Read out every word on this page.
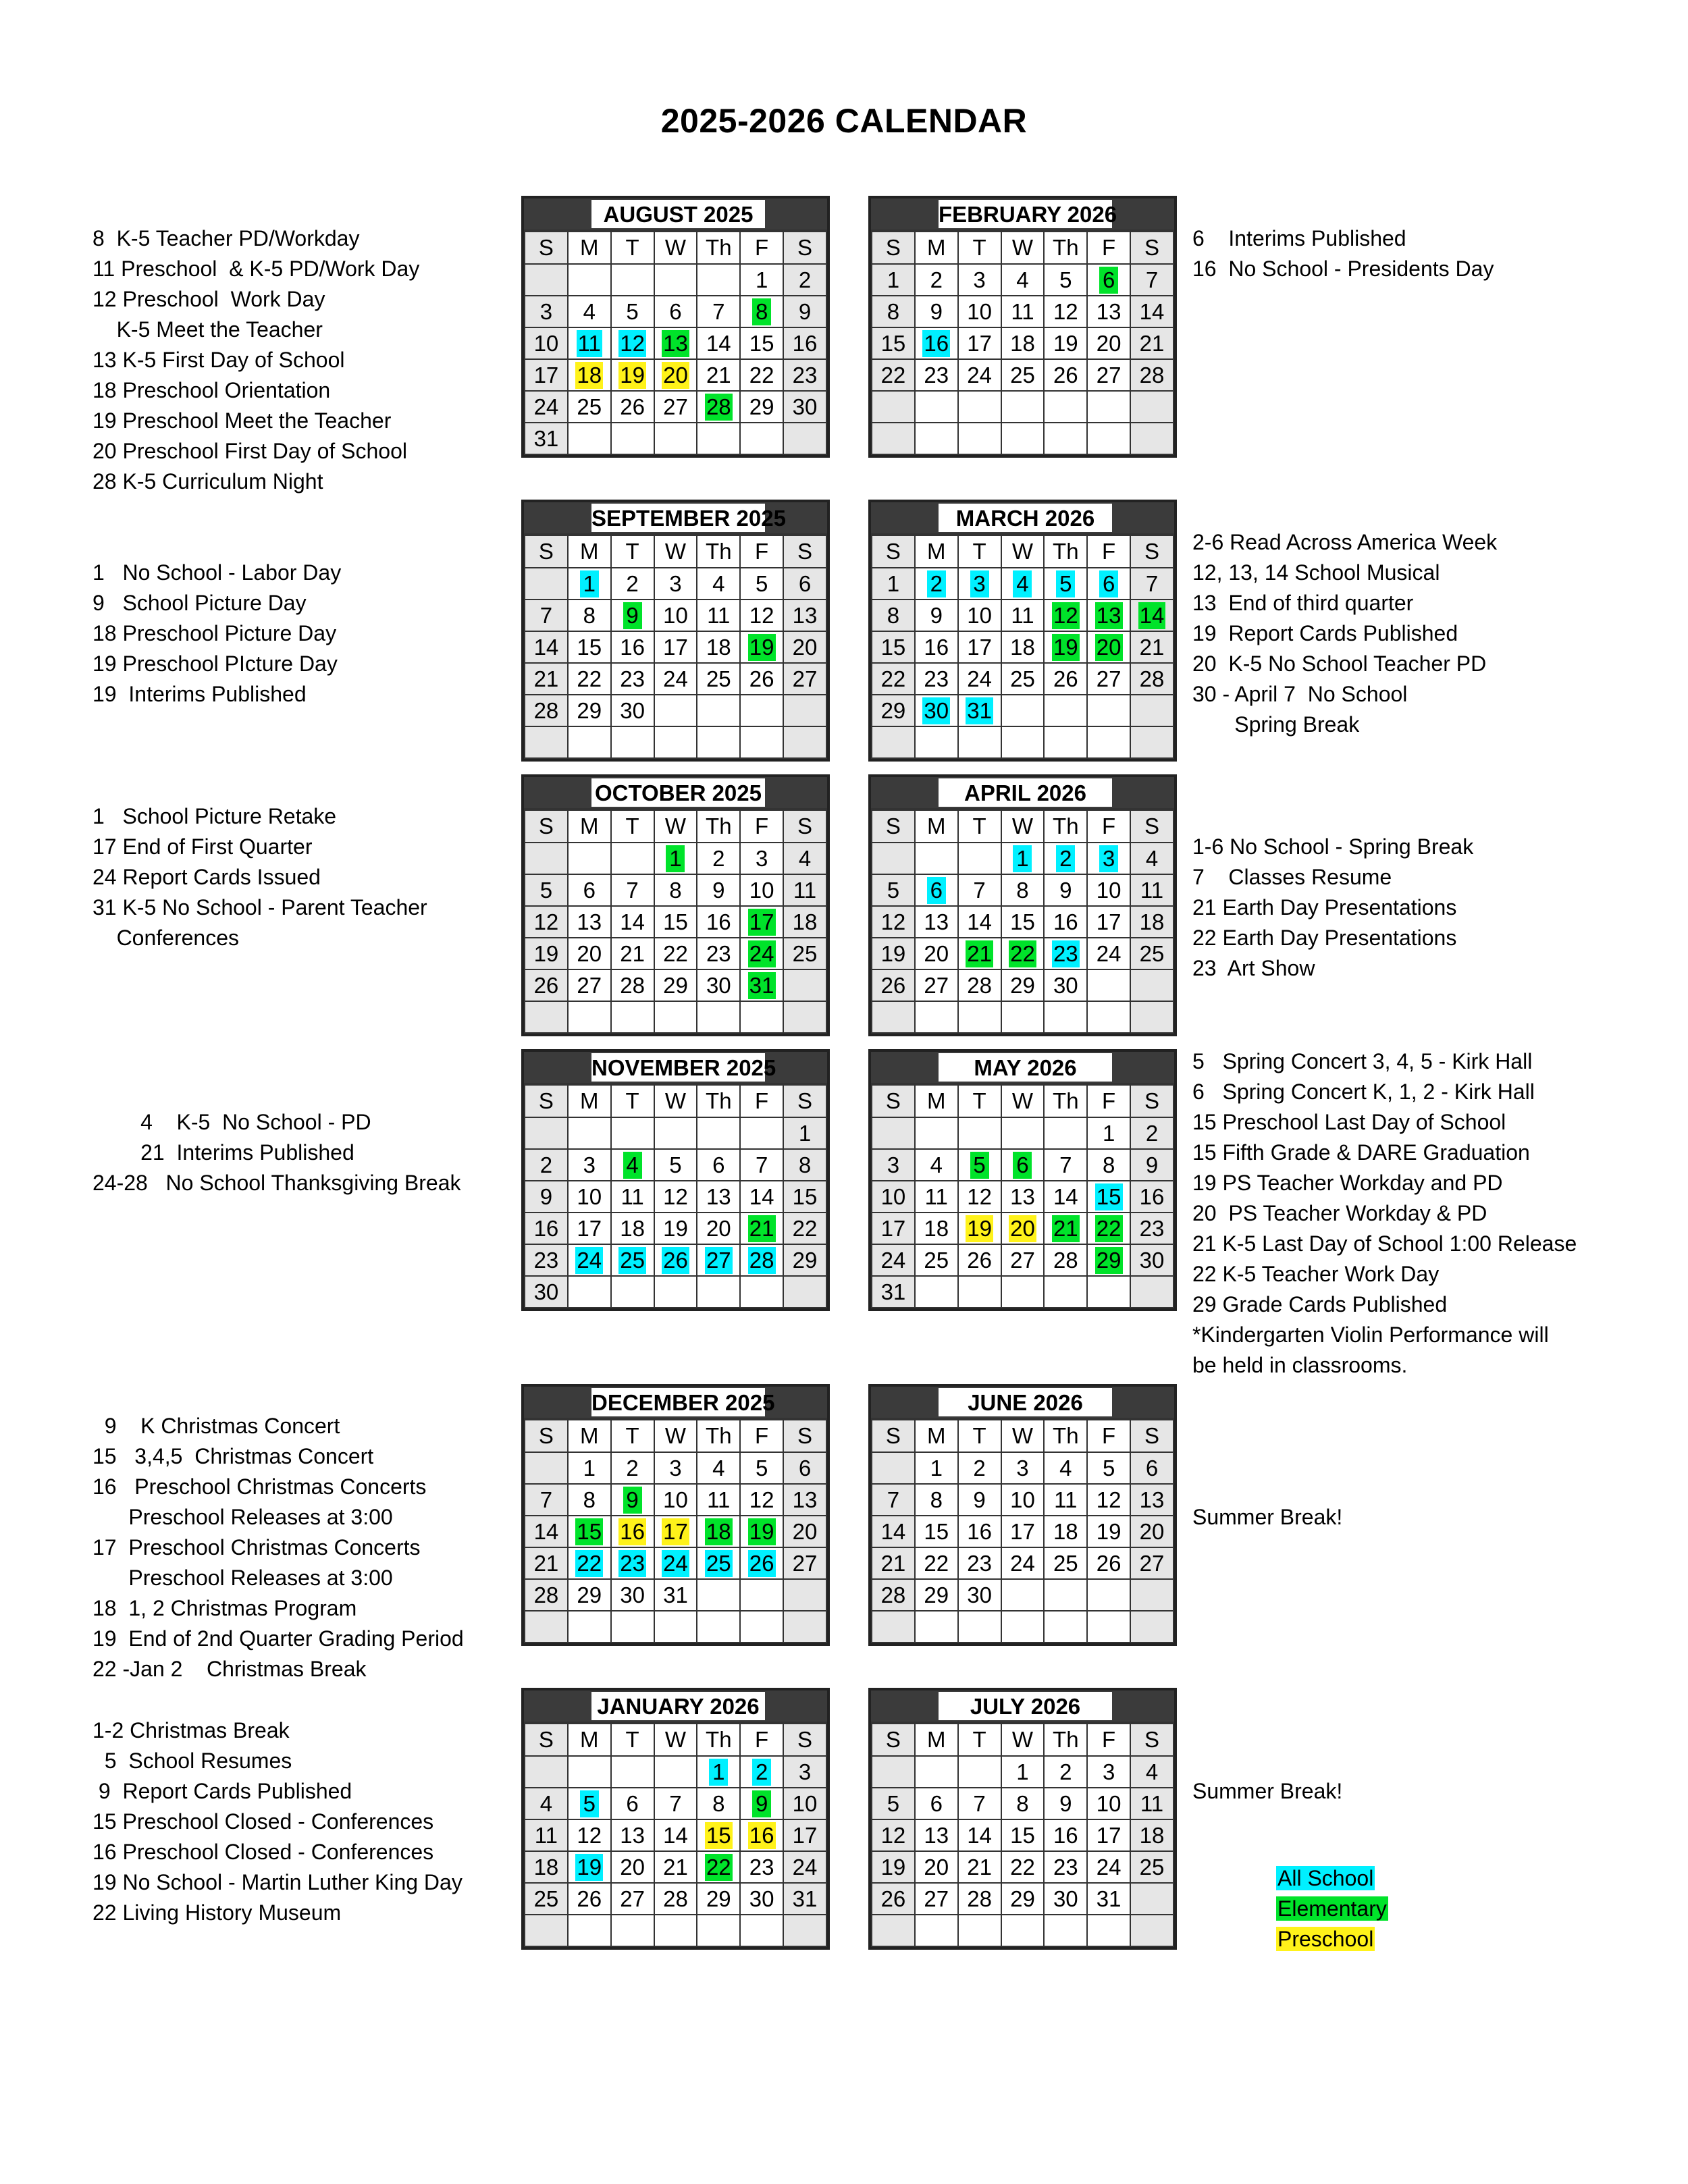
2025-2026 CALENDAR
AUGUST 2025
S	M	T	W	Th	F	S
					1	2
3	4	5	6	7	8	9
10	11	12	13	14	15	16
17	18	19	20	21	22	23
24	25	26	27	28	29	30
31						
SEPTEMBER 2025
S	M	T	W	Th	F	S
	1	2	3	4	5	6
7	8	9	10	11	12	13
14	15	16	17	18	19	20
21	22	23	24	25	26	27
28	29	30				

OCTOBER 2025
S	M	T	W	Th	F	S
			1	2	3	4
5	6	7	8	9	10	11
12	13	14	15	16	17	18
19	20	21	22	23	24	25
26	27	28	29	30	31	

NOVEMBER 2025
S	M	T	W	Th	F	S
						1
2	3	4	5	6	7	8
9	10	11	12	13	14	15
16	17	18	19	20	21	22
23	24	25	26	27	28	29
30						
DECEMBER 2025
S	M	T	W	Th	F	S
	1	2	3	4	5	6
7	8	9	10	11	12	13
14	15	16	17	18	19	20
21	22	23	24	25	26	27
28	29	30	31			

JANUARY 2026
S	M	T	W	Th	F	S
				1	2	3
4	5	6	7	8	9	10
11	12	13	14	15	16	17
18	19	20	21	22	23	24
25	26	27	28	29	30	31

FEBRUARY 2026
S	M	T	W	Th	F	S
1	2	3	4	5	6	7
8	9	10	11	12	13	14
15	16	17	18	19	20	21
22	23	24	25	26	27	28

MARCH 2026
S	M	T	W	Th	F	S
1	2	3	4	5	6	7
8	9	10	11	12	13	14
15	16	17	18	19	20	21
22	23	24	25	26	27	28
29	30	31				

APRIL 2026
S	M	T	W	Th	F	S
			1	2	3	4
5	6	7	8	9	10	11
12	13	14	15	16	17	18
19	20	21	22	23	24	25
26	27	28	29	30		

MAY 2026
S	M	T	W	Th	F	S
					1	2
3	4	5	6	7	8	9
10	11	12	13	14	15	16
17	18	19	20	21	22	23
24	25	26	27	28	29	30
31						
JUNE 2026
S	M	T	W	Th	F	S
	1	2	3	4	5	6
7	8	9	10	11	12	13
14	15	16	17	18	19	20
21	22	23	24	25	26	27
28	29	30				

JULY 2026
S	M	T	W	Th	F	S
			1	2	3	4
5	6	7	8	9	10	11
12	13	14	15	16	17	18
19	20	21	22	23	24	25
26	27	28	29	30	31	

8  K-5 Teacher PD/Workday
11 Preschool  & K-5 PD/Work Day
12 Preschool  Work Day
K-5 Meet the Teacher
13 K-5 First Day of School
18 Preschool Orientation
19 Preschool Meet the Teacher
20 Preschool First Day of School
28 K-5 Curriculum Night
1   No School - Labor Day
9   School Picture Day
18 Preschool Picture Day
19 Preschool PIcture Day
19  Interims Published
1   School Picture Retake
17 End of First Quarter
24 Report Cards Issued
31 K-5 No School - Parent Teacher
Conferences
4    K-5  No School - PD
21  Interims Published
24-28   No School Thanksgiving Break
9    K Christmas Concert
15   3,4,5  Christmas Concert
16   Preschool Christmas Concerts
Preschool Releases at 3:00
17  Preschool Christmas Concerts
Preschool Releases at 3:00
18  1, 2 Christmas Program
19  End of 2nd Quarter Grading Period
22 -Jan 2    Christmas Break
1-2 Christmas Break
5  School Resumes
9  Report Cards Published
15 Preschool Closed - Conferences
16 Preschool Closed - Conferences
19 No School - Martin Luther King Day
22 Living History Museum
6    Interims Published
16  No School - Presidents Day
2-6 Read Across America Week
12, 13, 14 School Musical
13  End of third quarter
19  Report Cards Published
20  K-5 No School Teacher PD
30 - April 7  No School
Spring Break
1-6 No School - Spring Break
7    Classes Resume
21 Earth Day Presentations
22 Earth Day Presentations
23  Art Show
5   Spring Concert 3, 4, 5 - Kirk Hall
6   Spring Concert K, 1, 2 - Kirk Hall
15 Preschool Last Day of School
15 Fifth Grade & DARE Graduation
19 PS Teacher Workday and PD
20  PS Teacher Workday & PD
21 K-5 Last Day of School 1:00 Release
22 K-5 Teacher Work Day
29 Grade Cards Published
*Kindergarten Violin Performance will
be held in classrooms.
Summer Break!
Summer Break!
All School
Elementary
Preschool
